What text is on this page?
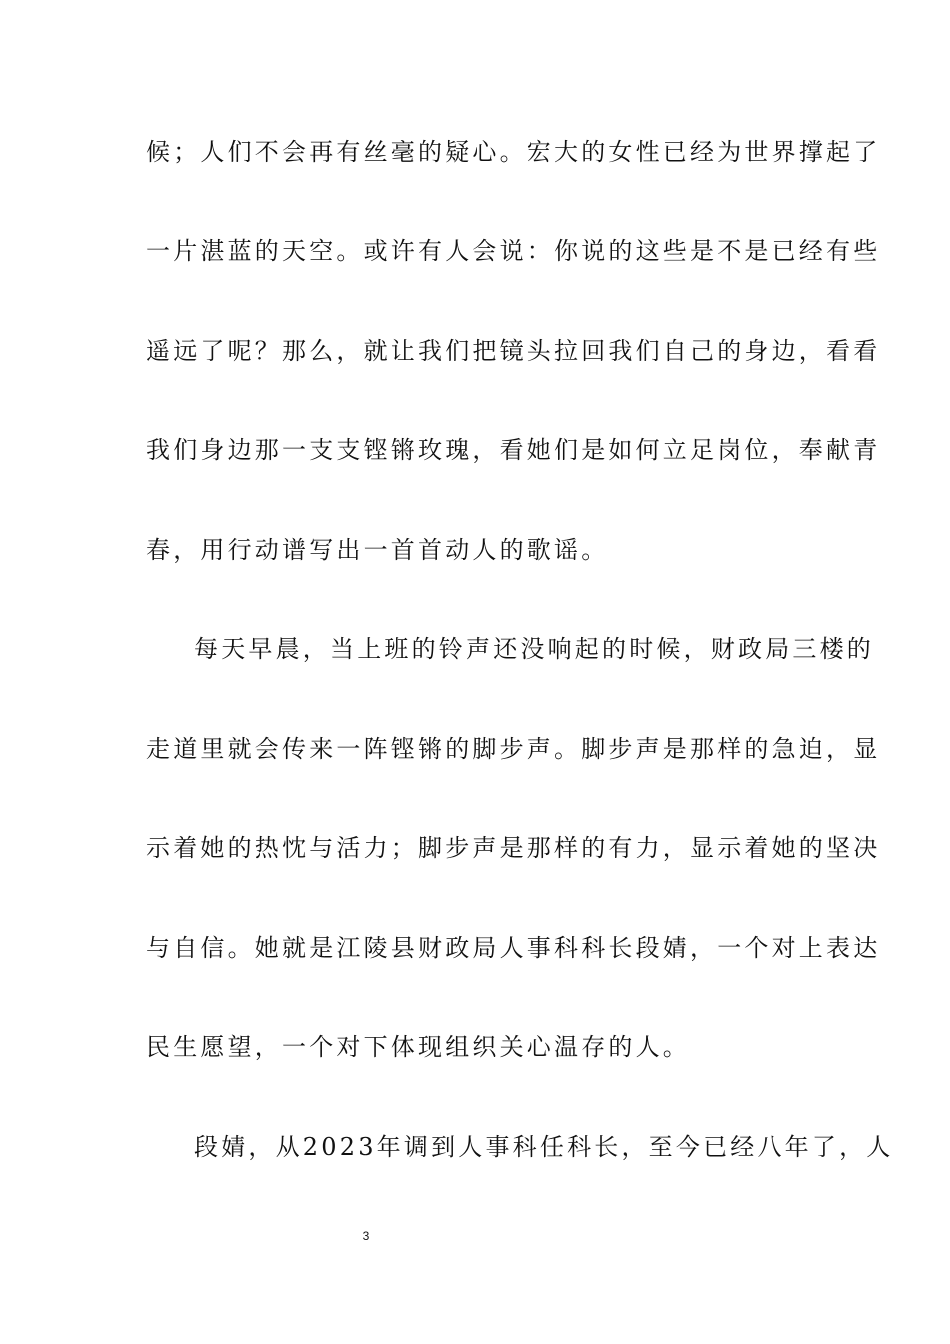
候；人们不会再有丝毫的疑心。宏大的女性已经为世界撑起了
一片湛蓝的天空。或许有人会说：你说的这些是不是已经有些
遥远了呢？那么，就让我们把镜头拉回我们自己的身边，看看
我们身边那一支支铿锵玫瑰，看她们是如何立足岗位，奉献青
春，用行动谱写出一首首动人的歌谣。
每天早晨，当上班的铃声还没响起的时候，财政局三楼的
走道里就会传来一阵铿锵的脚步声。脚步声是那样的急迫，显
示着她的热忱与活力；脚步声是那样的有力，显示着她的坚决
与自信。她就是江陵县财政局人事科科长段婧，一个对上表达
民生愿望，一个对下体现组织关心温存的人。
段婧，从2023年调到人事科任科长，至今已经八年了，人
3
